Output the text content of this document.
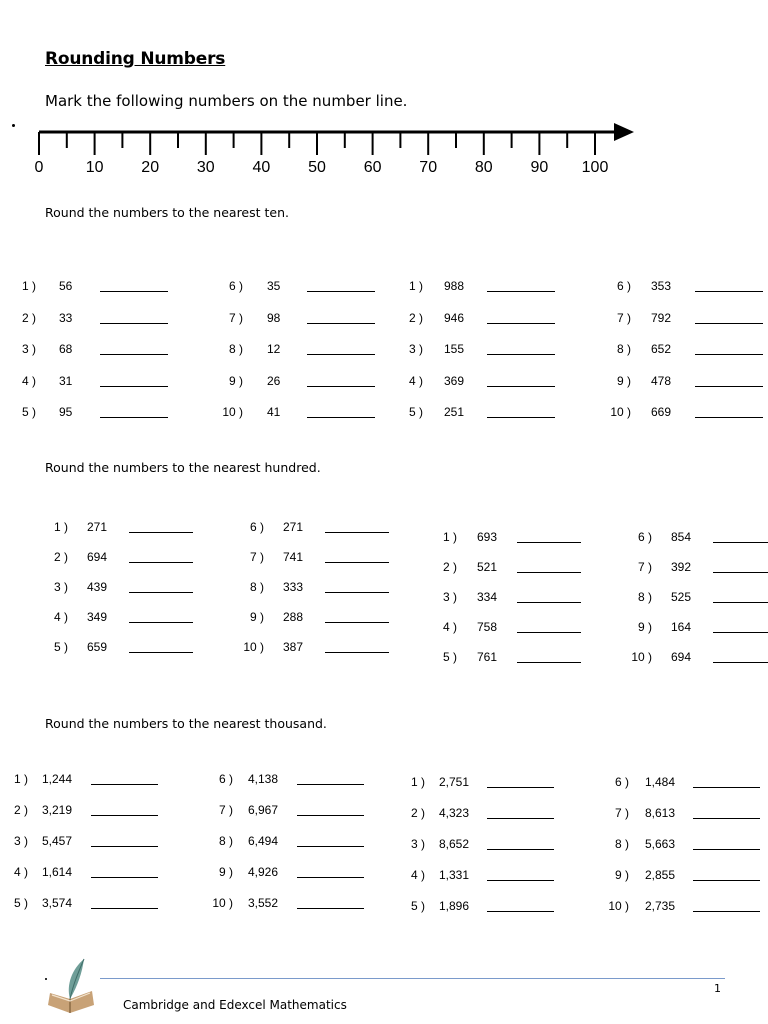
Rounding Numbers
Mark the following numbers on the number line.
0	10 20 30 40 50 60 70 80 90 100
Round the numbers to the nearest ten.
Round the numbers to the nearest hundred.
Round the numbers to the nearest thousand.
1 ) 56
2 ) 33
3 ) 68
4 ) 31
5 ) 95
6 ) 35
7 ) 98
8 ) 12
9 ) 26
10 ) 41
1 ) 988
2 ) 946
3 ) 155
4 ) 369
5 ) 251
6 ) 353
7 ) 792
8 ) 652
9 ) 478
10 ) 669
1 ) 271
2 ) 694
3 ) 439
4 ) 349
5 ) 659
6 ) 271
7 ) 741
8 ) 333
9 ) 288
10 ) 387
1 ) 693
2 ) 521
3 ) 334
4 ) 758
5 ) 761
6 ) 854
7 ) 392
8 ) 525
9 ) 164
10 ) 694
1 ) 1,244
2 ) 3,219
3 ) 5,457
4 ) 1,614
5 ) 3,574
6 ) 4,138
7 ) 6,967
8 ) 6,494
9 ) 4,926
10 ) 3,552
1 ) 2,751
2 ) 4,323
3 ) 8,652
4 ) 1,331
5 ) 1,896
6 ) 1,484
7 ) 8,613
8 ) 5,663
9 ) 2,855
10 ) 2,735
Cambridge and Edexcel Mathematics
1
